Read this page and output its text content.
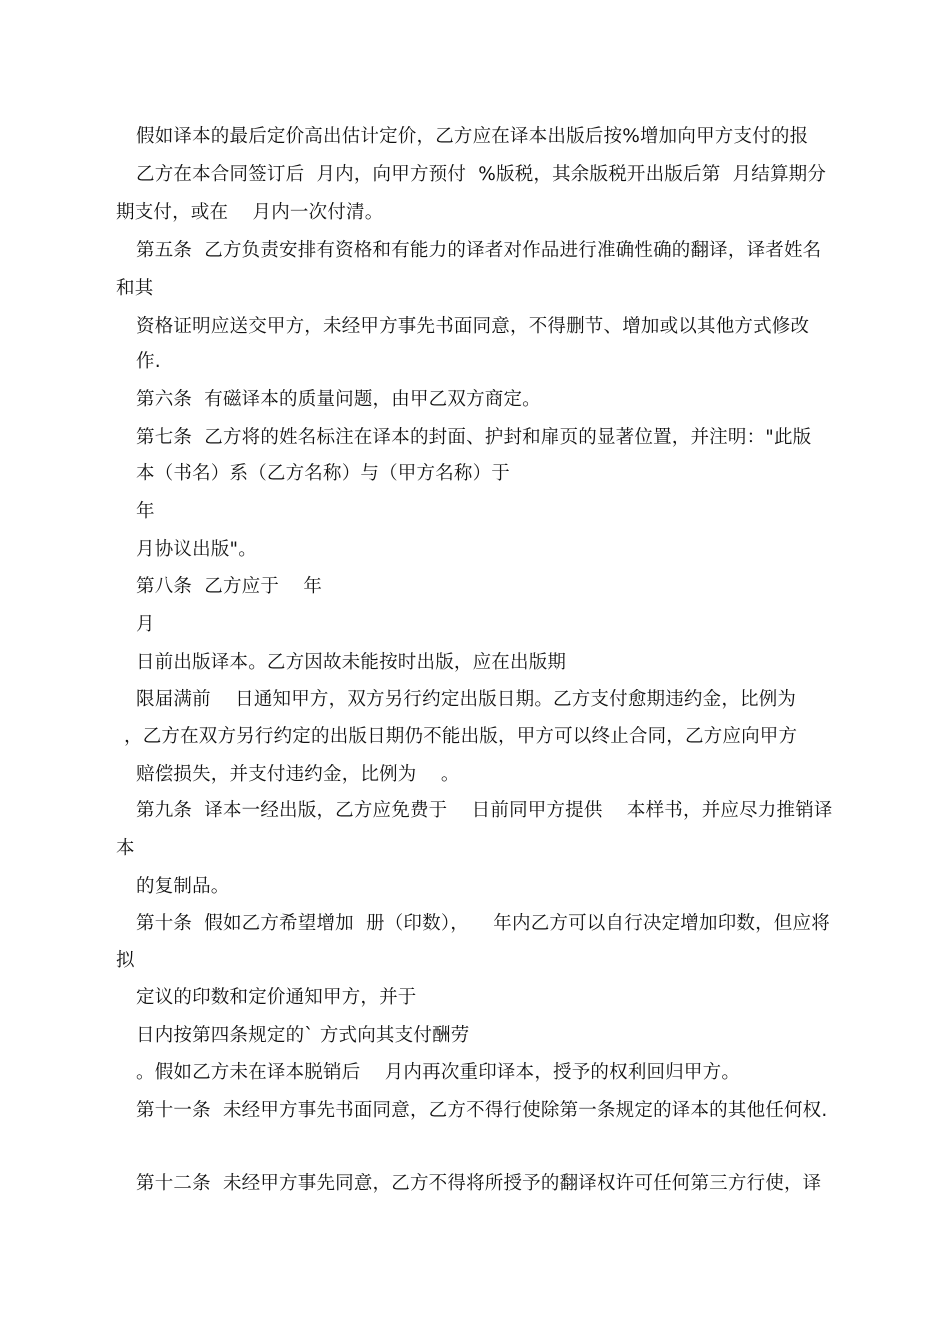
假如译本的最后定价高出估计定价，乙方应在译本出版后按%增加向甲方支付的报
乙方在本合同签订后  月内，向甲方预付  %版税，其余版税开出版后第  月结算期分
期支付，或在    月内一次付清。
第五条  乙方负责安排有资格和有能力的译者对作品进行准确性确的翻译，译者姓名
和其
资格证明应送交甲方，未经甲方事先书面同意，不得删节、增加或以其他方式修改
作.
第六条  有磁译本的质量问题，由甲乙双方商定。
第七条  乙方将的姓名标注在译本的封面、护封和扉页的显著位置，并注明："此版
本（书名）系（乙方名称）与（甲方名称）于
年
月协议出版"。
第八条  乙方应于    年
月
日前出版译本。乙方因故未能按时出版，应在出版期
限届满前    日通知甲方，双方另行约定出版日期。乙方支付愈期违约金，比例为
，乙方在双方另行约定的出版日期仍不能出版，甲方可以终止合同，乙方应向甲方
赔偿损失，并支付违约金，比例为    。
第九条  译本一经出版，乙方应免费于    日前同甲方提供    本样书，并应尽力推销译
本
的复制品。
第十条  假如乙方希望增加  册（印数），    年内乙方可以自行决定增加印数，但应将
拟
定议的印数和定价通知甲方，并于
日内按第四条规定的` 方式向其支付酬劳
。假如乙方未在译本脱销后    月内再次重印译本，授予的权利回归甲方。
第十一条  未经甲方事先书面同意，乙方不得行使除第一条规定的译本的其他任何权.
第十二条  未经甲方事先同意，乙方不得将所授予的翻译权许可任何第三方行使，译
